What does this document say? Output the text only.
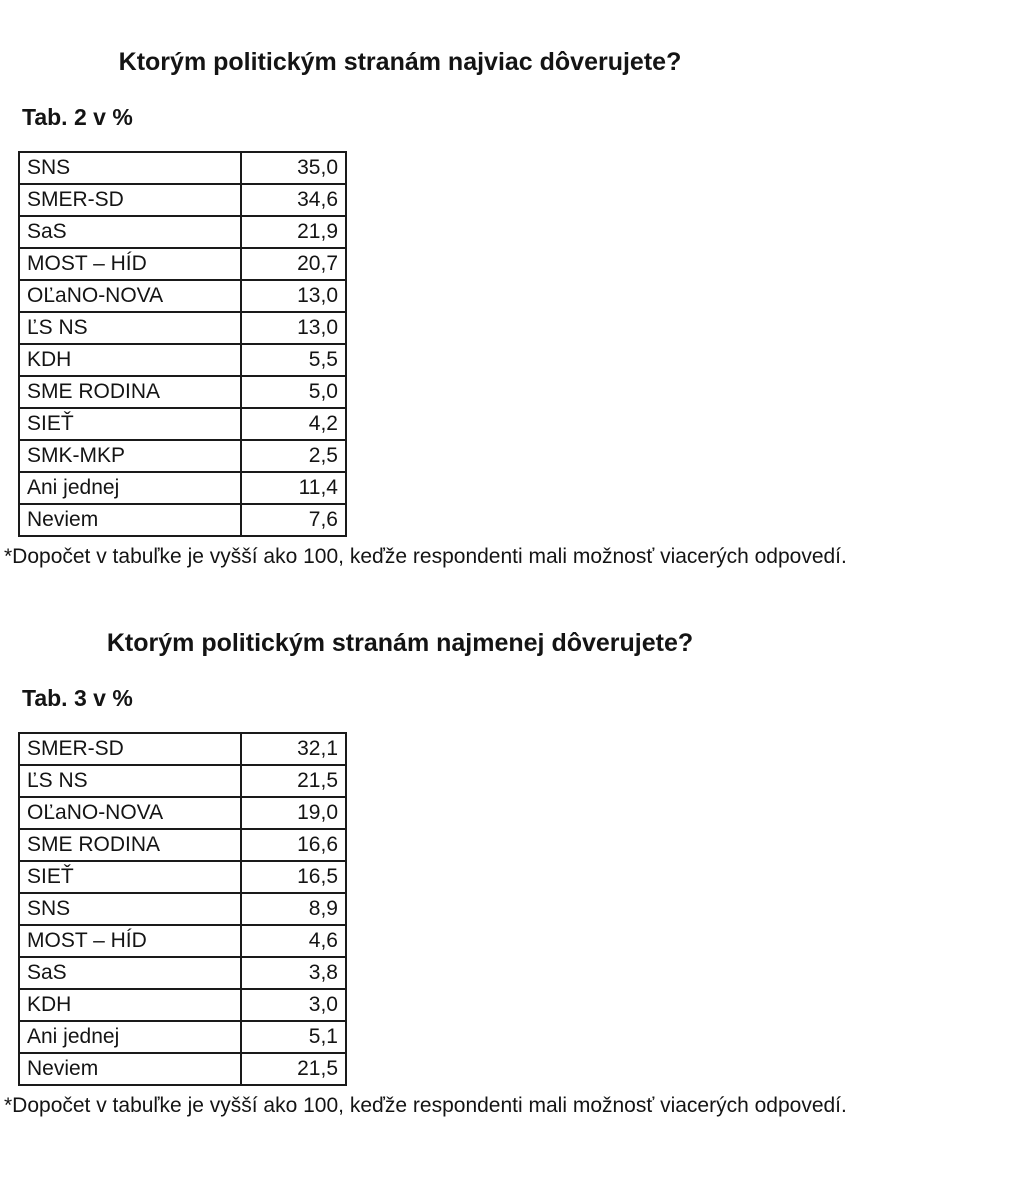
Ktorým politickým stranám najviac dôverujete?
Tab. 2 v %
SNS	35,0
SMER-SD	34,6
SaS	21,9
MOST – HÍD	20,7
OĽaNO-NOVA	13,0
ĽS NS	13,0
KDH	5,5
SME RODINA	5,0
SIEŤ	4,2
SMK-MKP	2,5
Ani jednej	11,4
Neviem	7,6
*Dopočet v tabuľke je vyšší ako 100, keďže respondenti mali možnosť viacerých odpovedí.
Ktorým politickým stranám najmenej dôverujete?
Tab. 3 v %
SMER-SD	32,1
ĽS NS	21,5
OĽaNO-NOVA	19,0
SME RODINA	16,6
SIEŤ	16,5
SNS	8,9
MOST – HÍD	4,6
SaS	3,8
KDH	3,0
Ani jednej	5,1
Neviem	21,5
*Dopočet v tabuľke je vyšší ako 100, keďže respondenti mali možnosť viacerých odpovedí.
